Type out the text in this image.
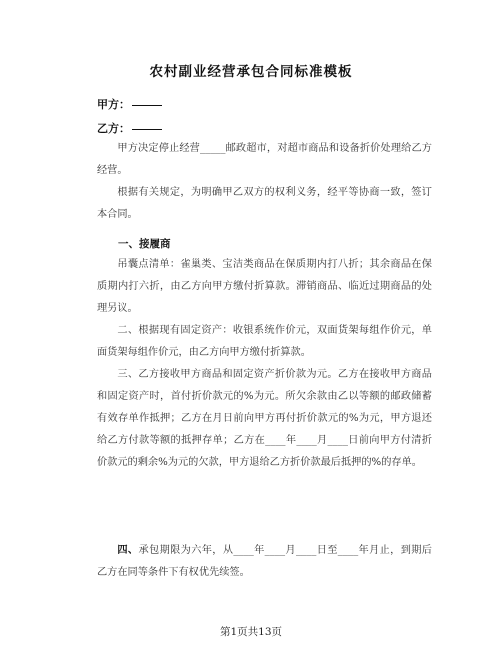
农村副业经营承包合同标准模板
甲方：
乙方：

甲方决定停止经营_____邮政超市，对超市商品和设备折价处理给乙方经营。

根据有关规定，为明确甲乙双方的权利义务，经平等协商一致，签订本合同。

一、接履商

吊囊点清单：雀巢类、宝洁类商品在保质期内打八折；其余商品在保质期内打六折，由乙方向甲方缴付折算款。滞销商品、临近过期商品的处理另议。

二、根据现有固定资产：收银系统作价元，双面货架每组作价元，单面货架每组作价元，由乙方向甲方缴付折算款。

三、乙方接收甲方商品和固定资产折价款为元。乙方在接收甲方商品和固定资产时，首付折价款元的%为元。所欠余款由乙以等额的邮政储蓄有效存单作抵押；乙方在月日前向甲方再付折价款元的%为元，甲方退还给乙方付款等额的抵押存单；乙方在____年____月____日前向甲方付清折价款元的剩余%为元的欠款，甲方退给乙方折价款最后抵押的%的存单。

四、承包期限为六年，从____年____月____日至____年月止，到期后乙方在同等条件下有权优先续签。

第1页共13页
